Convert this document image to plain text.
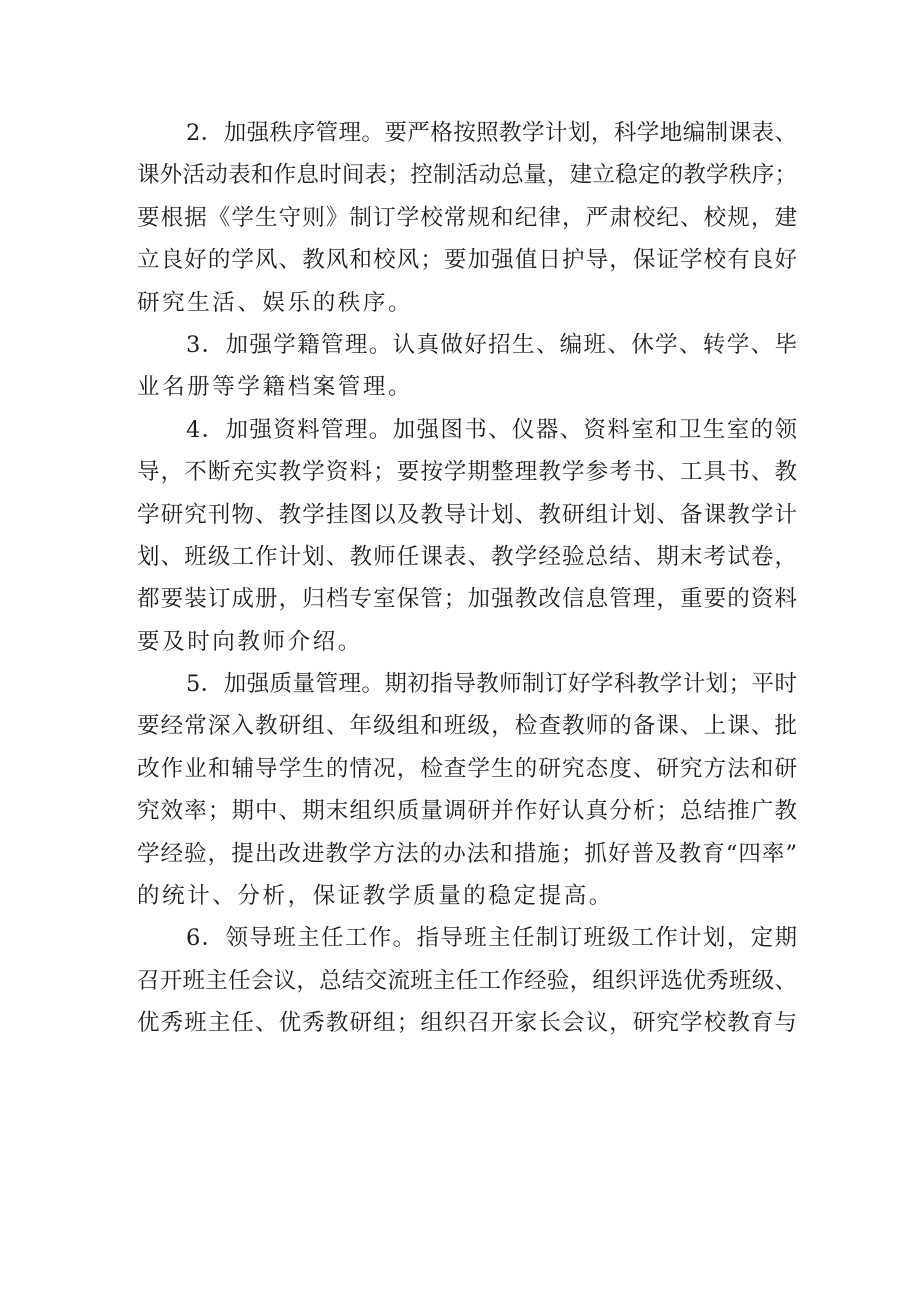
2．加强秩序管理。要严格按照教学计划，科学地编制课表、
课外活动表和作息时间表；控制活动总量，建立稳定的教学秩序；
要根据《学生守则》制订学校常规和纪律，严肃校纪、校规，建
立良好的学风、教风和校风；要加强值日护导，保证学校有良好
研究生活、娱乐的秩序。
3．加强学籍管理。认真做好招生、编班、休学、转学、毕
业名册等学籍档案管理。
4．加强资料管理。加强图书、仪器、资料室和卫生室的领
导，不断充实教学资料；要按学期整理教学参考书、工具书、教
学研究刊物、教学挂图以及教导计划、教研组计划、备课教学计
划、班级工作计划、教师任课表、教学经验总结、期末考试卷，
都要装订成册，归档专室保管；加强教改信息管理，重要的资料
要及时向教师介绍。
5．加强质量管理。期初指导教师制订好学科教学计划；平时
要经常深入教研组、年级组和班级，检查教师的备课、上课、批
改作业和辅导学生的情况，检查学生的研究态度、研究方法和研
究效率；期中、期末组织质量调研并作好认真分析；总结推广教
学经验，提出改进教学方法的办法和措施；抓好普及教育“四率”
的统计、分析，保证教学质量的稳定提高。
6．领导班主任工作。指导班主任制订班级工作计划，定期
召开班主任会议，总结交流班主任工作经验，组织评选优秀班级、
优秀班主任、优秀教研组；组织召开家长会议，研究学校教育与
